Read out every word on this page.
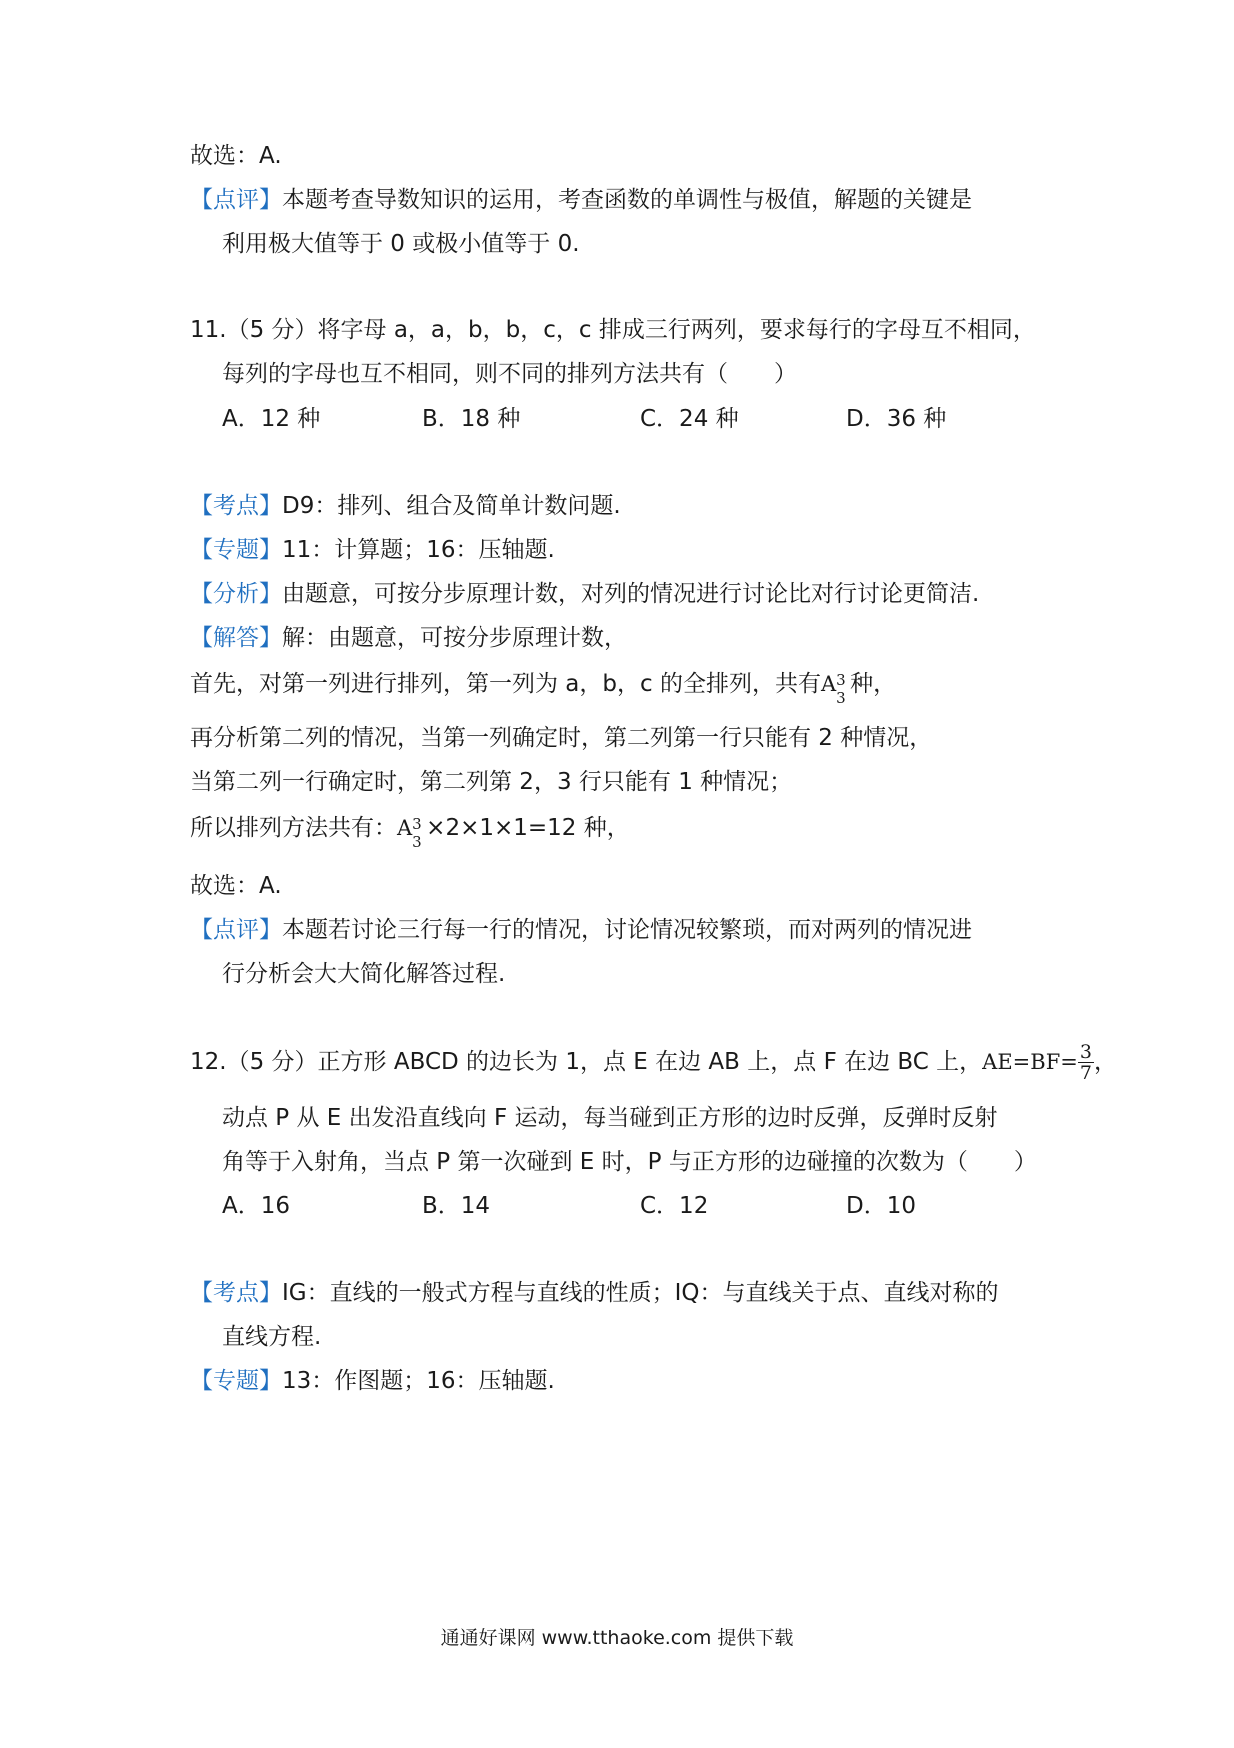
故选：A.
【 点评 】 本题考查导数知识的运用，考查函数的单调性与极值，解题的关键是
利用极大值等于 0 或极小值等于 0.
11.（5 分）将字母 a，a，b，b，c，c 排成三行两列，要求每行的字母互不相同，
每列的字母也互不相同，则不同的排列方法共有（　　）
A．12 种	B．18 种	C．24 种	D．36 种
【 考点 】 D9：排列、组合及简单计数问题.
【 专题 】 11：计算题；16：压轴题.
【 分析 】 由题意，可按分步原理计数，对列的情况进行讨论比对行讨论更简洁.
【 解答 】 解：由题意，可按分步原理计数，
首先，对第一列进行排列，第一列为 a，b，c 的全排列，共有A 3
3
种，
再分析第二列的情况，当第一列确定时，第二列第一行只能有 2 种情况，
当第二列一行确定时，第二列第 2，3 行只能有 1 种情况；
所以排列方法共有：A 3
3
×2×1×1=12 种，
故选：A.
【 点评 】 本题若讨论三行每一行的情况，讨论情况较繁琐，而对两列的情况进
行分析会大大简化解答过程.
12.（5 分）正方形 ABCD 的边长为 1，点 E 在边 AB 上，点 F 在边 BC 上，$AE=BF= \frac{3}{7}$ ，
动点 P 从 E 出发沿直线向 F 运动，每当碰到正方形的边时反弹，反弹时反射
角等于入射角，当点 P 第一次碰到 E 时，P 与正方形的边碰撞的次数为（　　）
A．16	B．14	C．12	D．10
【 考点 】 IG：直线的一般式方程与直线的性质；IQ：与直线关于点、直线对称的
直线方程.
【 专题 】 13：作图题；16：压轴题.
通通好课网 www.tthaoke.com 提供下载
